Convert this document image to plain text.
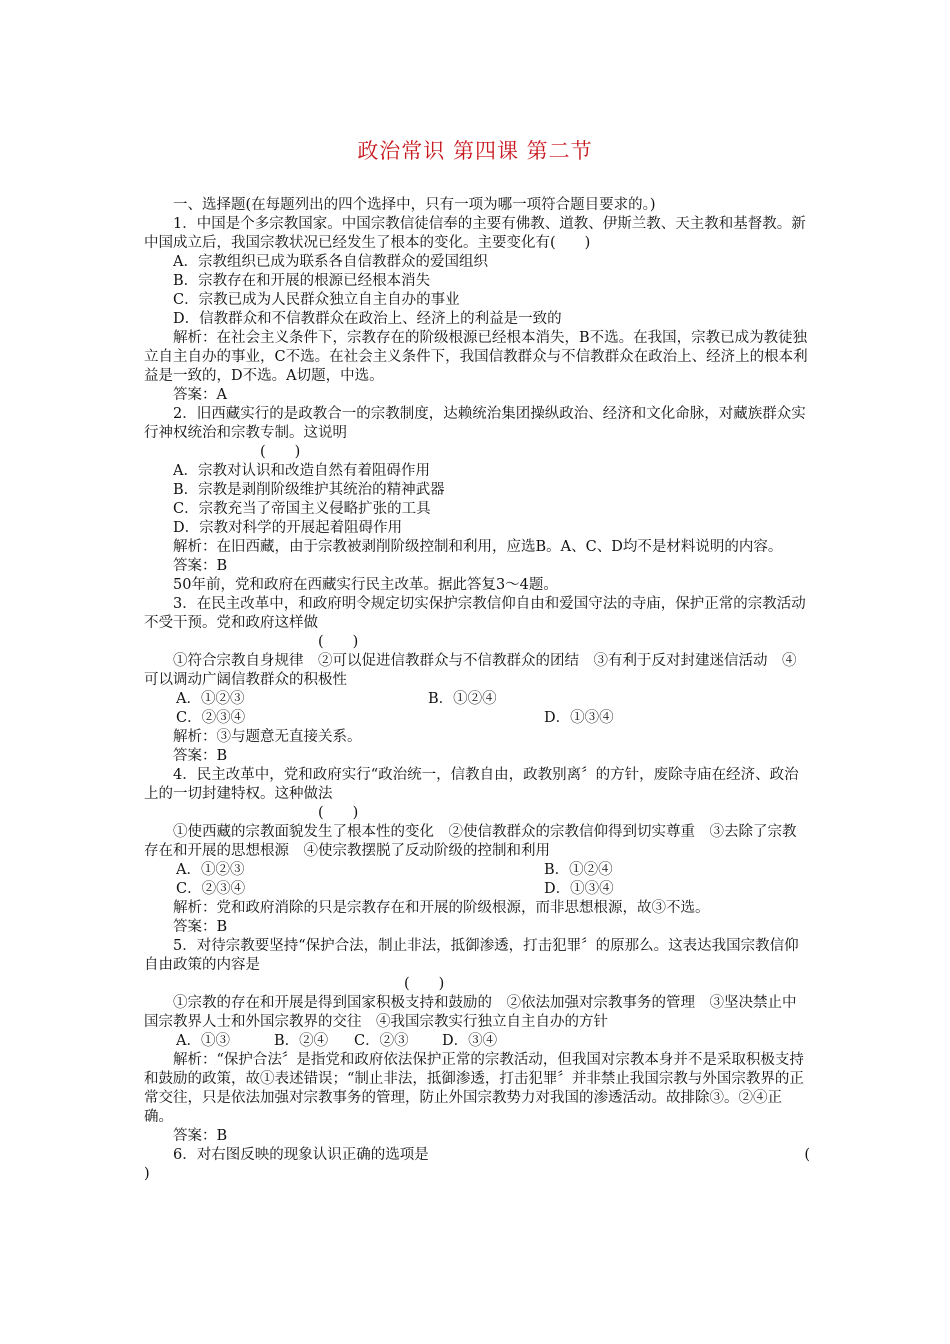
政治常识 第四课 第二节

一、选择题(在每题列出的四个选择中，只有一项为哪一项符合题目要求的。)

1．中国是个多宗教国家。中国宗教信徒信奉的主要有佛教、道教、伊斯兰教、天主教和基督教。新中国成立后，我国宗教状况已经发生了根本的变化。主要变化有(　　)

A．宗教组织已成为联系各自信教群众的爱国组织

B．宗教存在和开展的根源已经根本消失

C．宗教已成为人民群众独立自主自办的事业

D．信教群众和不信教群众在政治上、经济上的利益是一致的

解析：在社会主义条件下，宗教存在的阶级根源已经根本消失，B不选。在我国，宗教已成为教徒独立自主自办的事业，C不选。在社会主义条件下，我国信教群众与不信教群众在政治上、经济上的根本利益是一致的，D不选。A切题，中选。

答案：A

2．旧西藏实行的是政教合一的宗教制度，达赖统治集团操纵政治、经济和文化命脉，对藏族群众实行神权统治和宗教专制。这说明

(　　)

A．宗教对认识和改造自然有着阻碍作用

B．宗教是剥削阶级维护其统治的精神武器

C．宗教充当了帝国主义侵略扩张的工具

D．宗教对科学的开展起着阻碍作用

解析：在旧西藏，由于宗教被剥削阶级控制和利用，应选B。A、C、D均不是材料说明的内容。

答案：B

50年前，党和政府在西藏实行民主改革。据此答复3～4题。

3．在民主改革中，和政府明令规定切实保护宗教信仰自由和爱国守法的寺庙，保护正常的宗教活动不受干预。党和政府这样做

(　　)

①符合宗教自身规律　②可以促进信教群众与不信教群众的团结　③有利于反对封建迷信活动　④可以调动广阔信教群众的积极性

A．①②③	B．①②④
C．②③④	D．①③④

解析：③与题意无直接关系。

答案：B

4．民主改革中，党和政府实行“政治统一，信教自由，政教别离〞的方针，废除寺庙在经济、政治上的一切封建特权。这种做法

(　　)

①使西藏的宗教面貌发生了根本性的变化　②使信教群众的宗教信仰得到切实尊重　③去除了宗教存在和开展的思想根源　④使宗教摆脱了反动阶级的控制和利用

A．①②③	B．①②④
C．②③④	D．①③④

解析：党和政府消除的只是宗教存在和开展的阶级根源，而非思想根源，故③不选。

答案：B

5．对待宗教要坚持“保护合法，制止非法，抵御渗透，打击犯罪〞的原那么。这表达我国宗教信仰自由政策的内容是

(　　)

①宗教的存在和开展是得到国家积极支持和鼓励的　②依法加强对宗教事务的管理　③坚决禁止中国宗教界人士和外国宗教界的交往　④我国宗教实行独立自主自办的方针

A．①③	B．②④ C．②③ D．③④

解析：“保护合法〞是指党和政府依法保护正常的宗教活动，但我国对宗教本身并不是采取积极支持和鼓励的政策，故①表述错误；“制止非法，抵御渗透，打击犯罪〞并非禁止我国宗教与外国宗教界的正常交往，只是依法加强对宗教事务的管理，防止外国宗教势力对我国的渗透活动。故排除③。②④正确。

答案：B

6．对右图反映的现象认识正确的选项是	(

)
